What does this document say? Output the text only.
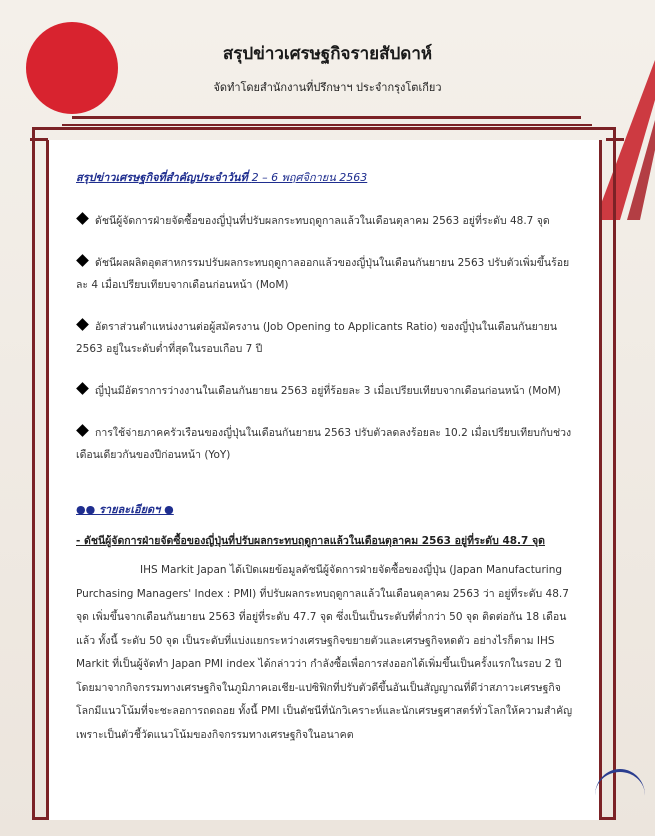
สรุปข่าวเศรษฐกิจรายสัปดาห์
จัดทำโดยสำนักงานที่ปรึกษาฯ ประจำกรุงโตเกียว
สรุปข่าวเศรษฐกิจที่สำคัญประจำวันที่ 2 – 6 พฤศจิกายน 2563
ดัชนีผู้จัดการฝ่ายจัดซื้อของญี่ปุ่นที่ปรับผลกระทบฤดูกาลแล้วในเดือนตุลาคม 2563 อยู่ที่ระดับ 48.7 จุด
ดัชนีผลผลิตอุตสาหกรรมปรับผลกระทบฤดูกาลออกแล้วของญี่ปุ่นในเดือนกันยายน 2563 ปรับตัวเพิ่มขึ้นร้อยละ 4 เมื่อเปรียบเทียบจากเดือนก่อนหน้า (MoM)
อัตราส่วนตำแหน่งงานต่อผู้สมัครงาน (Job Opening to Applicants Ratio) ของญี่ปุ่นในเดือนกันยายน 2563 อยู่ในระดับต่ำที่สุดในรอบเกือบ 7 ปี
ญี่ปุ่นมีอัตราการว่างงานในเดือนกันยายน 2563 อยู่ที่ร้อยละ 3 เมื่อเปรียบเทียบจากเดือนก่อนหน้า (MoM)
การใช้จ่ายภาคครัวเรือนของญี่ปุ่นในเดือนกันยายน 2563 ปรับตัวลดลงร้อยละ 10.2 เมื่อเปรียบเทียบกับช่วงเดือนเดียวกันของปีก่อนหน้า (YoY)
●● รายละเอียดฯ ●
- ดัชนีผู้จัดการฝ่ายจัดซื้อของญี่ปุ่นที่ปรับผลกระทบฤดูกาลแล้วในเดือนตุลาคม 2563 อยู่ที่ระดับ 48.7 จุด
IHS Markit Japan ได้เปิดเผยข้อมูลดัชนีผู้จัดการฝ่ายจัดซื้อของญี่ปุ่น (Japan Manufacturing Purchasing Managers' Index : PMI) ที่ปรับผลกระทบฤดูกาลแล้วในเดือนตุลาคม 2563 ว่า อยู่ที่ระดับ 48.7 จุด เพิ่มขึ้นจากเดือนกันยายน 2563 ที่อยู่ที่ระดับ 47.7 จุด ซึ่งเป็นเป็นระดับที่ต่ำกว่า 50 จุด ติดต่อกัน 18 เดือนแล้ว ทั้งนี้ ระดับ 50 จุด เป็นระดับที่แบ่งแยกระหว่างเศรษฐกิจขยายตัวและเศรษฐกิจหดตัว อย่างไรก็ตาม IHS Markit ที่เป็นผู้จัดทำ Japan PMI index ได้กล่าวว่า กำลังซื้อเพื่อการส่งออกได้เพิ่มขึ้นเป็นครั้งแรกในรอบ 2 ปี โดยมาจากกิจกรรมทางเศรษฐกิจในภูมิภาคเอเชีย-แปซิฟิกที่ปรับตัวดีขึ้นอันเป็นสัญญาณที่ดีว่าสภาวะเศรษฐกิจโลกมีแนวโน้มที่จะชะลอการถดถอย ทั้งนี้ PMI เป็นดัชนีที่นักวิเคราะห์และนักเศรษฐศาสตร์ทั่วโลกให้ความสำคัญเพราะเป็นตัวชี้วัดแนวโน้มของกิจกรรมทางเศรษฐกิจในอนาคต
